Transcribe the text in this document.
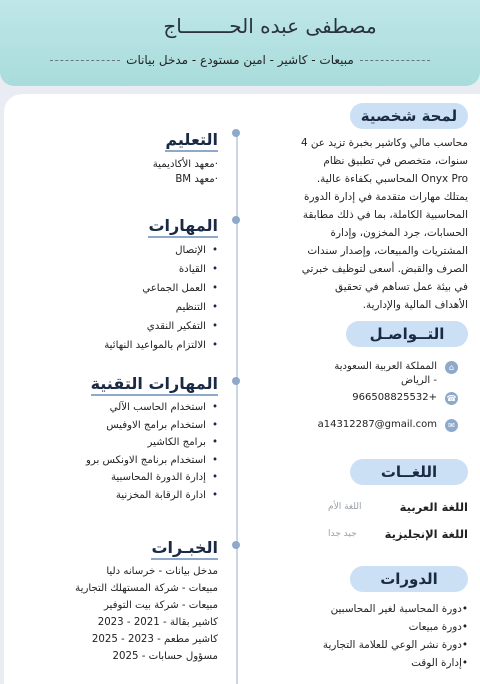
مصطفى عبده الحــــــــاج
مبيعات - كاشير - امين مستودع - مدخل بيانات
لمحة شخصية
محاسب مالي وكاشير بخبرة تزيد عن 4
سنوات، متخصص في تطبيق نظام
Onyx Pro المحاسبي بكفاءة عالية.
يمتلك مهارات متقدمة في إدارة الدورة
المحاسبية الكاملة، بما في ذلك مطابقة
الحسابات، جرد المخزون، وإدارة
المشتريات والمبيعات، وإصدار سندات
الصرف والقبض. أسعى لتوظيف خبرتي
في بيئة عمل تساهم في تحقيق
الأهداف المالية والإدارية.
التــواصـل
⌂
المملكة العربية السعودية
- الرياض
☎
+966508825532
✉
a14312287@gmail.com
اللغــات
اللغة العربية
اللغة الأم
اللغة الإنجليزية
جيد جدا
الدورات
•دورة المحاسبة لغير المحاسبين
•دورة مبيعات
•دورة نشر الوعي للعلامة التجارية
•إدارة الوقت
التعليم
·معهد الأكاديمية
·معهد BM
المهارات
• الإتصال
• القيادة
• العمل الجماعي
• التنظيم
• التفكير النقدي
• الالتزام بالمواعيد النهائية
المهارات التقنية
• استخدام الحاسب الآلي
• استخدام برامج الاوفيس
• برامج الكاشير
• استخدام برنامج الاونكس برو
• إدارة الدورة المحاسبية
• ادارة الرقابة المخزنية
الخبـرات
مدخل بيانات - خرسانه دليا
مبيعات - شركة المستهلك التجارية
مبيعات - شركة بيت التوفير
كاشير بقالة - 2021 - 2023
كاشير مطعم - 2023 - 2025
مسؤول حسابات - 2025
